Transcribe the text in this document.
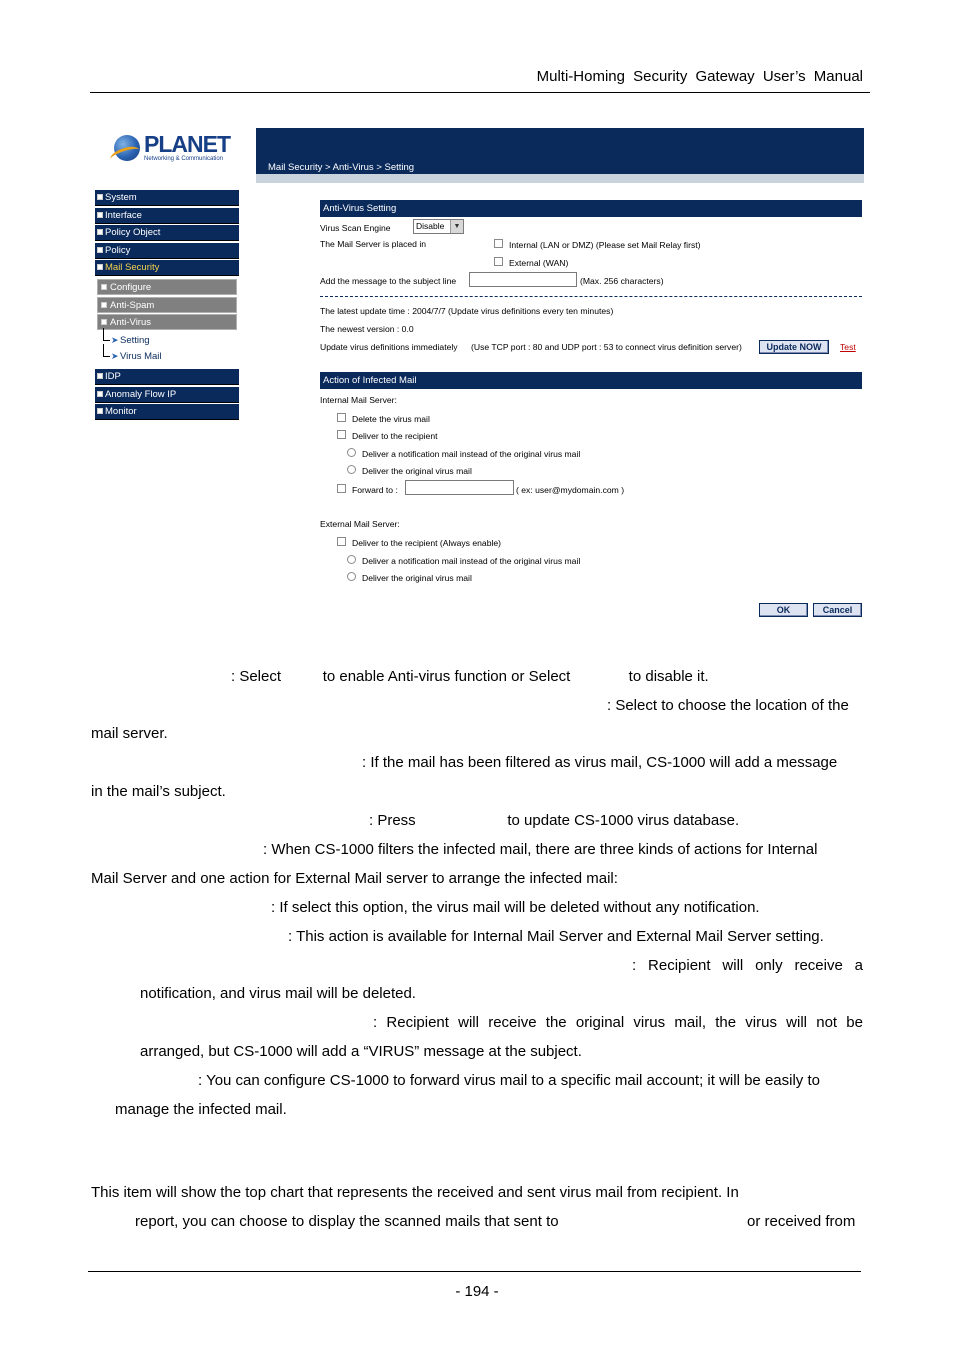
Multi-Homing Security Gateway User’s Manual
PLANET
Networking & Communication
Mail Security > Anti-Virus > Setting
System
Interface
Policy Object
Policy
Mail Security
Configure
Anti-Spam
Anti-Virus
➤ Setting
➤ Virus Mail
IDP
Anomaly Flow IP
Monitor
Anti-Virus Setting
Virus Scan Engine	Disable	▼
The Mail Server is placed in	Internal (LAN or DMZ) (Please set Mail Relay first)
External (WAN)
Add the message to the subject line	(Max. 256 characters)
The latest update time : 2004/7/7 (Update virus definitions every ten minutes)
The newest version : 0.0
Update virus definitions immediately (Use TCP port : 80 and UDP port : 53 to connect virus definition server)	Update NOW	Test
Action of Infected Mail
Internal Mail Server:
Delete the virus mail
Deliver to the recipient
Deliver a notification mail instead of the original virus mail
Deliver the original virus mail
Forward to :	( ex: user@mydomain.com )
External Mail Server:
Deliver to the recipient (Always enable)
Deliver a notification mail instead of the original virus mail
Deliver the original virus mail
OK	Cancel
: Select          to enable Anti-virus function or Select              to disable it.
: Select to choose the location of the
mail server.
: If the mail has been filtered as virus mail, CS-1000 will add a message
in the mail’s subject.
: Press                      to update CS-1000 virus database.
: When CS-1000 filters the infected mail, there are three kinds of actions for Internal
Mail Server and one action for External Mail server to arrange the infected mail:
: If select this option, the virus mail will be deleted without any notification.
: This action is available for Internal Mail Server and External Mail Server setting.
: Recipient will only receive a
notification, and virus mail will be deleted.
: Recipient will receive the original virus mail, the virus will not be
arranged, but CS-1000 will add a “VIRUS” message at the subject.
: You can configure CS-1000 to forward virus mail to a specific mail account; it will be easily to
manage the infected mail.
This item will show the top chart that represents the received and sent virus mail from recipient. In
report, you can choose to display the scanned mails that sent to	or received from
- 194 -
